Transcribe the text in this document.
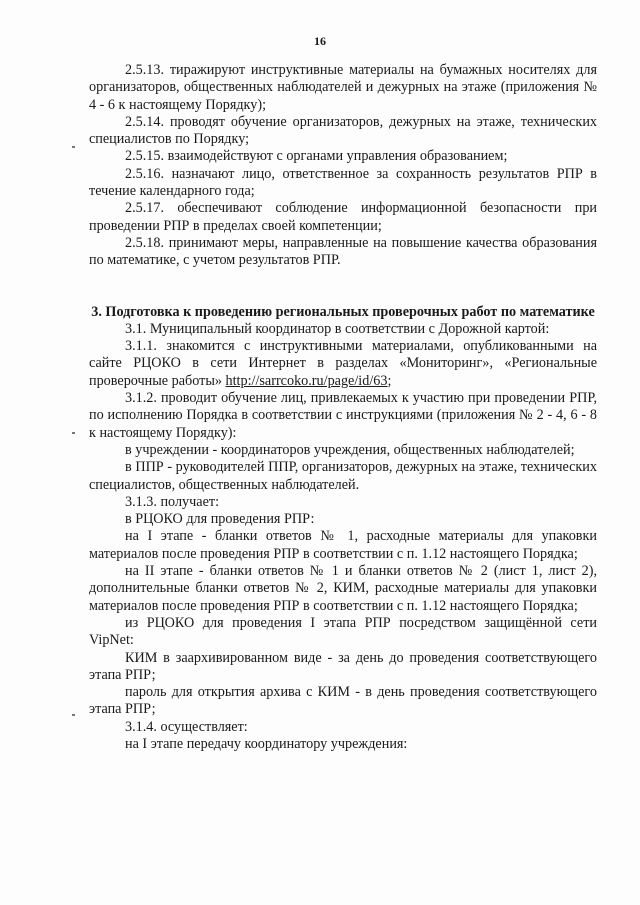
16

2.5.13. тиражируют инструктивные материалы на бумажных носителях для организаторов, общественных наблюдателей и дежурных на этаже (приложения № 4 - 6 к настоящему Порядку);

2.5.14. проводят обучение организаторов, дежурных на этаже, технических специалистов по Порядку;

2.5.15. взаимодействуют с органами управления образованием;

2.5.16. назначают лицо, ответственное за сохранность результатов РПР в течение календарного года;

2.5.17. обеспечивают соблюдение информационной безопасности при проведении РПР в пределах своей компетенции;

2.5.18. принимают меры, направленные на повышение качества образования по математике, с учетом результатов РПР.

3. Подготовка к проведению региональных проверочных работ по математике

3.1. Муниципальный координатор в соответствии с Дорожной картой:

3.1.1. знакомится с инструктивными материалами, опубликованными на сайте РЦОКО в сети Интернет в разделах «Мониторинг», «Региональные проверочные работы» http://sarrcoko.ru/page/id/63;

3.1.2. проводит обучение лиц, привлекаемых к участию при проведении РПР, по исполнению Порядка в соответствии с инструкциями (приложения № 2 - 4, 6 - 8 к настоящему Порядку):

в учреждении - координаторов учреждения, общественных наблюдателей;

в ППР - руководителей ППР, организаторов, дежурных на этаже, технических специалистов, общественных наблюдателей.

3.1.3. получает:

в РЦОКО для проведения РПР:

на I этапе - бланки ответов № 1, расходные материалы для упаковки материалов после проведения РПР в соответствии с п. 1.12 настоящего Порядка;

на II этапе - бланки ответов № 1 и бланки ответов № 2 (лист 1, лист 2), дополнительные бланки ответов № 2, КИМ, расходные материалы для упаковки материалов после проведения РПР в соответствии с п. 1.12 настоящего Порядка;

из РЦОКО для проведения I этапа РПР посредством защищённой сети VipNet:

КИМ в заархивированном виде - за день до проведения соответствующего этапа РПР;

пароль для открытия архива с КИМ - в день проведения соответствующего этапа РПР;

3.1.4. осуществляет:

на I этапе передачу координатору учреждения:
